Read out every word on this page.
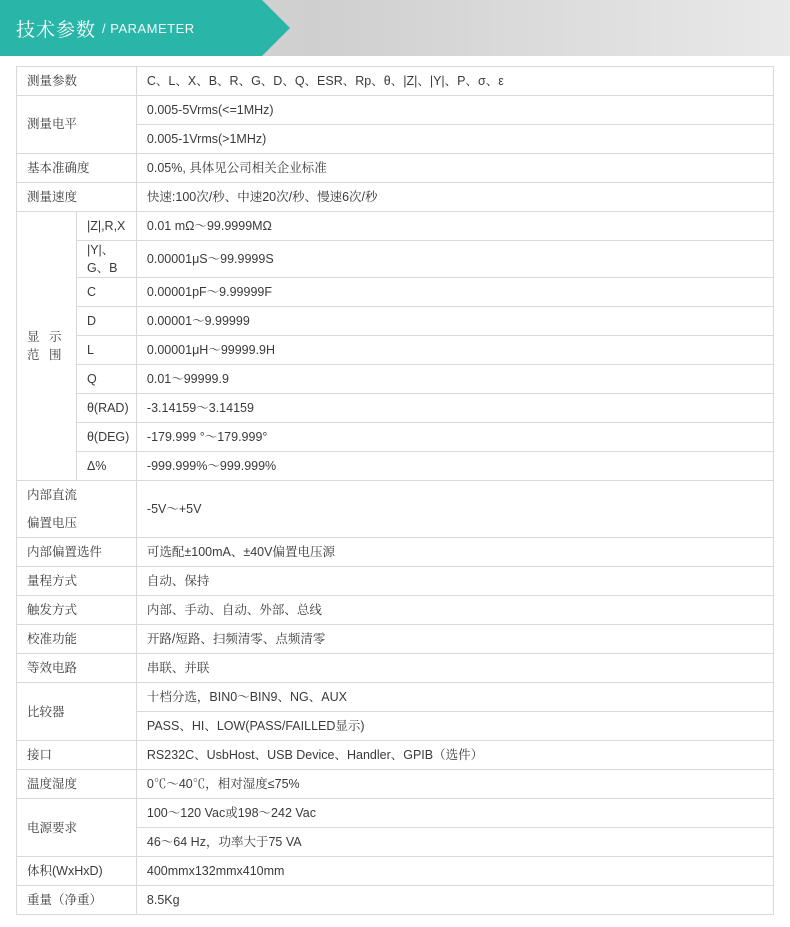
技术参数 / PARAMETER
测量参数		C、L、X、B、R、G、D、Q、ESR、Rp、θ、|Z|、|Y|、P、σ、ε
测量电平		0.005-5Vrms(<=1MHz)
		0.005-1Vrms(>1MHz)
基本准确度		0.05%, 具体见公司相关企业标准
测量速度		快速:100次/秒、中速20次/秒、慢速6次/秒
显 示 范 围	|Z|,R,X	0.01 mΩ～99.9999MΩ
	|Y|、G、B	0.00001μS～99.9999S
	C	0.00001pF～9.99999F
	D	0.00001～9.99999
	L	0.00001μH～99999.9H
	Q	0.01～99999.9
	θ(RAD)	-3.14159～3.14159
	θ(DEG)	-179.999 °～179.999°
	Δ%	-999.999%～999.999%
内部直流		-5V～+5V
偏置电压		
内部偏置选件		可选配±100mA、±40V偏置电压源
量程方式		自动、保持
触发方式		内部、手动、自动、外部、总线
校准功能		开路/短路、扫频清零、点频清零
等效电路		串联、并联
比较器		十档分选，BIN0～BIN9、NG、AUX
		PASS、HI、LOW(PASS/FAILLED显示)
接口		RS232C、UsbHost、USB Device、Handler、GPIB（选件）
温度湿度		0℃～40℃，相对湿度≤75%
电源要求		100～120 Vac或198～242 Vac
		46～64 Hz，功率大于75 VA
体积(WxHxD)		400mmx132mmx410mm
重量（净重）		8.5Kg
